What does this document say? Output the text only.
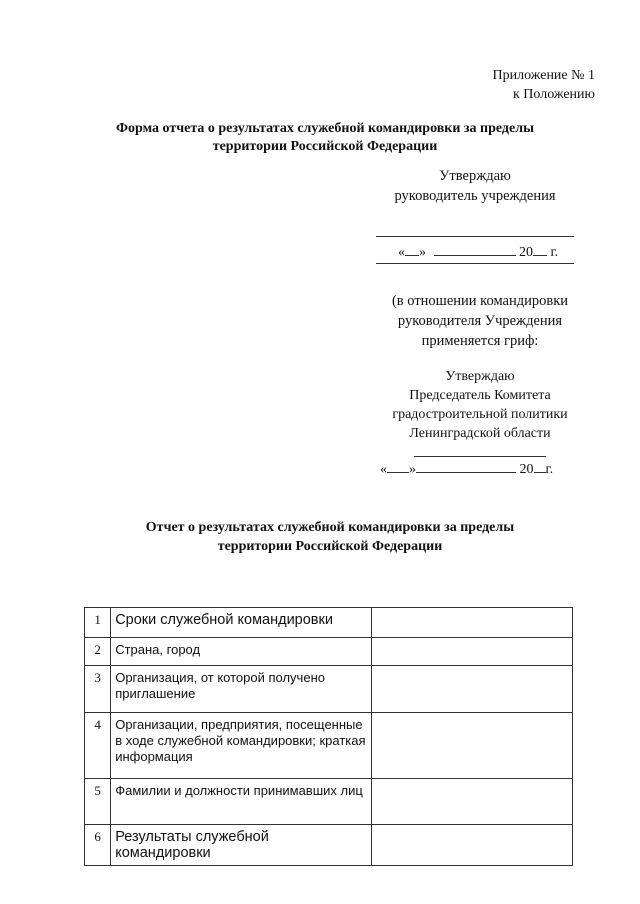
Приложение № 1
к Положению
Форма отчета о результатах служебной командировки за пределы
территории Российской Федерации
Утверждаю
руководитель учреждения
« »	20 г.
(в отношении командировки
руководителя Учреждения
применяется гриф:
Утверждаю
Председатель Комитета
градостроительной политики
Ленинградской области
« »	20 г.
Отчет о результатах служебной командировки за пределы
территории Российской Федерации
1	Сроки служебной командировки	
2	Страна, город	
3	Организация, от которой получено приглашение	
4	Организации, предприятия, посещенные в ходе служебной командировки; краткая информация	
5	Фамилии и должности принимавших лиц	
6	Результаты служебной командировки	
